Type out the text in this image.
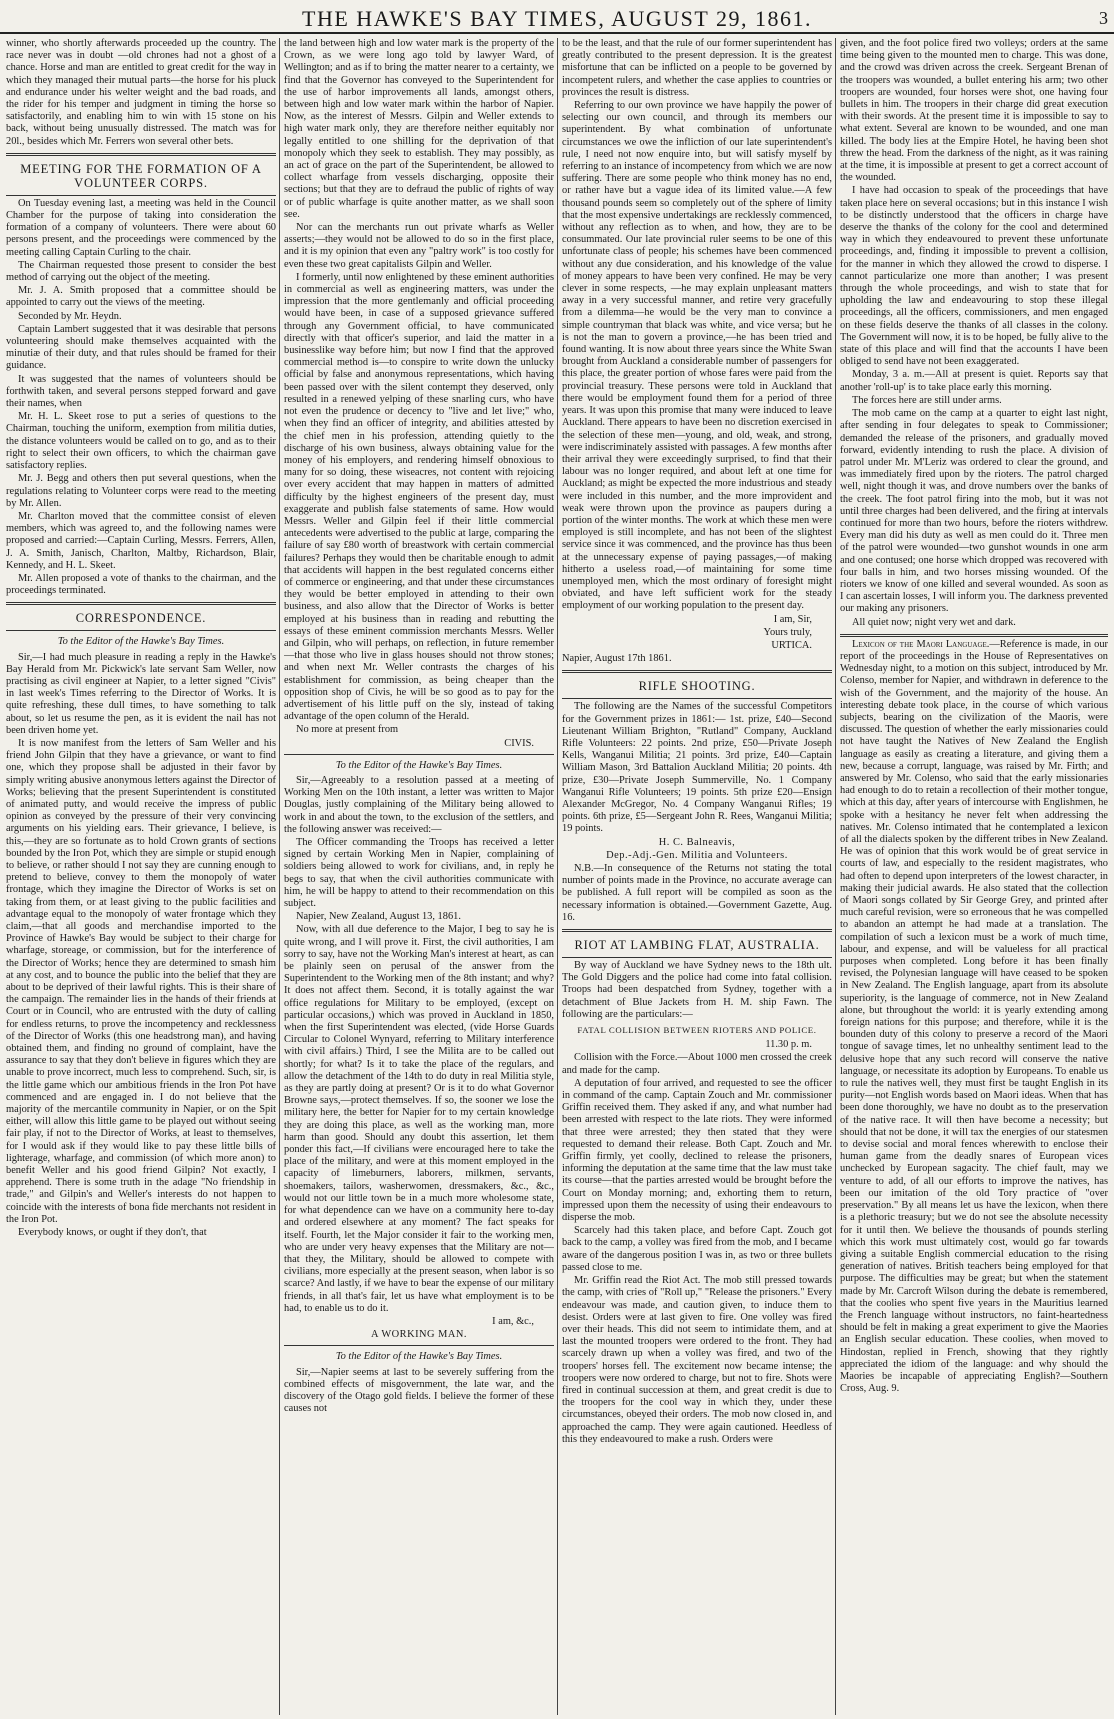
THE HAWKE'S BAY TIMES, AUGUST 29, 1861.	3

winner, who shortly afterwards proceeded up the country. The race never was in doubt —old chrones had not a ghost of a chance. Horse and man are entitled to great credit for the way in which they managed their mutual parts—the horse for his pluck and endurance under his welter weight and the bad roads, and the rider for his temper and judgment in timing the horse so satisfactorily, and enabling him to win with 15 stone on his back, without being unusually distressed. The match was for 20l., besides which Mr. Ferrers won several other bets.

MEETING FOR THE FORMATION OF A VOLUNTEER CORPS.

On Tuesday evening last, a meeting was held in the Council Chamber for the purpose of taking into consideration the formation of a company of volunteers. There were about 60 persons present, and the proceedings were commenced by the meeting calling Captain Curling to the chair.

The Chairman requested those present to consider the best method of carrying out the object of the meeting.

Mr. J. A. Smith proposed that a committee should be appointed to carry out the views of the meeting.

Seconded by Mr. Heydn.

Captain Lambert suggested that it was desirable that persons volunteering should make themselves acquainted with the minutiæ of their duty, and that rules should be framed for their guidance.

It was suggested that the names of volunteers should be forthwith taken, and several persons stepped forward and gave their names, when

Mr. H. L. Skeet rose to put a series of questions to the Chairman, touching the uniform, exemption from militia duties, the distance volunteers would be called on to go, and as to their right to select their own officers, to which the chairman gave satisfactory replies.

Mr. J. Begg and others then put several questions, when the regulations relating to Volunteer corps were read to the meeting by Mr. Allen.

Mr. Charlton moved that the committee consist of eleven members, which was agreed to, and the following names were proposed and carried:—Captain Curling, Messrs. Ferrers, Allen, J. A. Smith, Janisch, Charlton, Maltby, Richardson, Blair, Kennedy, and H. L. Skeet.

Mr. Allen proposed a vote of thanks to the chairman, and the proceedings terminated.

CORRESPONDENCE.
To the Editor of the Hawke's Bay Times.

Sir,—I had much pleasure in reading a reply in the Hawke's Bay Herald from Mr. Pickwick's late servant Sam Weller, now practising as civil engineer at Napier, to a letter signed "Civis" in last week's Times referring to the Director of Works. It is quite refreshing, these dull times, to have something to talk about, so let us resume the pen, as it is evident the nail has not been driven home yet.

It is now manifest from the letters of Sam Weller and his friend John Gilpin that they have a grievance, or want to find one, which they propose shall be adjusted in their favor by simply writing abusive anonymous letters against the Director of Works; believing that the present Superintendent is constituted of animated putty, and would receive the impress of public opinion as conveyed by the pressure of their very convincing arguments on his yielding ears. Their grievance, I believe, is this,—they are so fortunate as to hold Crown grants of sections bounded by the Iron Pot, which they are simple or stupid enough to believe, or rather should I not say they are cunning enough to pretend to believe, convey to them the monopoly of water frontage, which they imagine the Director of Works is set on taking from them, or at least giving to the public facilities and advantage equal to the monopoly of water frontage which they claim,—that all goods and merchandise imported to the Province of Hawke's Bay would be subject to their charge for wharfage, storeage, or commission, but for the interference of the Director of Works; hence they are determined to smash him at any cost, and to bounce the public into the belief that they are about to be deprived of their lawful rights. This is their share of the campaign. The remainder lies in the hands of their friends at Court or in Council, who are entrusted with the duty of calling for endless returns, to prove the incompetency and recklessness of the Director of Works (this one headstrong man), and having obtained them, and finding no ground of complaint, have the assurance to say that they don't believe in figures which they are unable to prove incorrect, much less to comprehend. Such, sir, is the little game which our ambitious friends in the Iron Pot have commenced and are engaged in. I do not believe that the majority of the mercantile community in Napier, or on the Spit either, will allow this little game to be played out without seeing fair play, if not to the Director of Works, at least to themselves, for I would ask if they would like to pay these little bills of lighterage, wharfage, and commission (of which more anon) to benefit Weller and his good friend Gilpin? Not exactly, I apprehend. There is some truth in the adage "No friendship in trade," and Gilpin's and Weller's interests do not happen to coincide with the interests of bona fide merchants not resident in the Iron Pot.

Everybody knows, or ought if they don't, that

the land between high and low water mark is the property of the Crown, as we were long ago told by lawyer Ward, of Wellington; and as if to bring the matter nearer to a certainty, we find that the Governor has conveyed to the Superintendent for the use of harbor improvements all lands, amongst others, between high and low water mark within the harbor of Napier. Now, as the interest of Messrs. Gilpin and Weller extends to high water mark only, they are therefore neither equitably nor legally entitled to one shilling for the deprivation of that monopoly which they seek to establish. They may possibly, as an act of grace on the part of the Superintendent, be allowed to collect wharfage from vessels discharging, opposite their sections; but that they are to defraud the public of rights of way or of public wharfage is quite another matter, as we shall soon see.

Nor can the merchants run out private wharfs as Weller asserts;—they would not be allowed to do so in the first place, and it is my opinion that even any "paltry work" is too costly for even these two great capitalists Gilpin and Weller.

I formerly, until now enlightened by these eminent authorities in commercial as well as engineering matters, was under the impression that the more gentlemanly and official proceeding would have been, in case of a supposed grievance suffered through any Government official, to have communicated directly with that officer's superior, and laid the matter in a businesslike way before him; but now I find that the approved commercial method is—to conspire to write down the unlucky official by false and anonymous representations, which having been passed over with the silent contempt they deserved, only resulted in a renewed yelping of these snarling curs, who have not even the prudence or decency to "live and let live;" who, when they find an officer of integrity, and abilities attested by the chief men in his profession, attending quietly to the discharge of his own business, always obtaining value for the money of his employers, and rendering himself obnoxious to many for so doing, these wiseacres, not content with rejoicing over every accident that may happen in matters of admitted difficulty by the highest engineers of the present day, must exaggerate and publish false statements of same. How would Messrs. Weller and Gilpin feel if their little commercial antecedents were advertised to the public at large, comparing the failure of say £80 worth of breastwork with certain commercial failures? Perhaps they would then be charitable enough to admit that accidents will happen in the best regulated concerns either of commerce or engineering, and that under these circumstances they would be better employed in attending to their own business, and also allow that the Director of Works is better employed at his business than in reading and rebutting the essays of these eminent commission merchants Messrs. Weller and Gilpin, who will perhaps, on reflection, in future remember—that those who live in glass houses should not throw stones; and when next Mr. Weller contrasts the charges of his establishment for commission, as being cheaper than the opposition shop of Civis, he will be so good as to pay for the advertisement of his little puff on the sly, instead of taking advantage of the open column of the Herald.

No more at present from

CIVIS.

To the Editor of the Hawke's Bay Times.

Sir,—Agreeably to a resolution passed at a meeting of Working Men on the 10th instant, a letter was written to Major Douglas, justly complaining of the Military being allowed to work in and about the town, to the exclusion of the settlers, and the following answer was received:—

The Officer commanding the Troops has received a letter signed by certain Working Men in Napier, complaining of soldiers being allowed to work for civilians, and, in reply he begs to say, that when the civil authorities communicate with him, he will be happy to attend to their recommendation on this subject.

Napier, New Zealand, August 13, 1861.

Now, with all due deference to the Major, I beg to say he is quite wrong, and I will prove it. First, the civil authorities, I am sorry to say, have not the Working Man's interest at heart, as can be plainly seen on perusal of the answer from the Superintendent to the Working men of the 8th instant; and why? It does not affect them. Second, it is totally against the war office regulations for Military to be employed, (except on particular occasions,) which was proved in Auckland in 1850, when the first Superintendent was elected, (vide Horse Guards Circular to Colonel Wynyard, referring to Military interference with civil affairs.) Third, I see the Milita are to be called out shortly; for what? Is it to take the place of the regulars, and allow the detachment of the 14th to do duty in real Militia style, as they are partly doing at present? Or is it to do what Governor Browne says,—protect themselves. If so, the sooner we lose the military here, the better for Napier for to my certain knowledge they are doing this place, as well as the working man, more harm than good. Should any doubt this assertion, let them ponder this fact,—If civilians were encouraged here to take the place of the military, and were at this moment employed in the capacity of limeburners, laborers, milkmen, servants, shoemakers, tailors, washerwomen, dressmakers, &c., &c., would not our little town be in a much more wholesome state, for what dependence can we have on a community here to-day and ordered elsewhere at any moment? The fact speaks for itself. Fourth, let the Major consider it fair to the working men, who are under very heavy expenses that the Military are not—that they, the Military, should be allowed to compete with civilians, more especially at the present season, when labor is so scarce? And lastly, if we have to bear the expense of our military friends, in all that's fair, let us have what employment is to be had, to enable us to do it.

I am, &c.,

A WORKING MAN.

To the Editor of the Hawke's Bay Times.

Sir,—Napier seems at last to be severely suffering from the combined effects of misgovernment, the late war, and the discovery of the Otago gold fields. I believe the former of these causes not

to be the least, and that the rule of our former superintendent has greatly contributed to the present depression. It is the greatest misfortune that can be inflicted on a people to be governed by incompetent rulers, and whether the case applies to countries or provinces the result is distress.

Referring to our own province we have happily the power of selecting our own council, and through its members our superintendent. By what combination of unfortunate circumstances we owe the infliction of our late superintendent's rule, I need not now enquire into, but will satisfy myself by referring to an instance of incompetency from which we are now suffering. There are some people who think money has no end, or rather have but a vague idea of its limited value.—A few thousand pounds seem so completely out of the sphere of limity that the most expensive undertakings are recklessly commenced, without any reflection as to when, and how, they are to be consummated. Our late provincial ruler seems to be one of this unfortunate class of people; his schemes have been commenced without any due consideration, and his knowledge of the value of money appears to have been very confined. He may be very clever in some respects, —he may explain unpleasant matters away in a very successful manner, and retire very gracefully from a dilemma—he would be the very man to convince a simple countryman that black was white, and vice versa; but he is not the man to govern a province,—he has been tried and found wanting. It is now about three years since the White Swan brought from Auckland a considerable number of passengers for this place, the greater portion of whose fares were paid from the provincial treasury. These persons were told in Auckland that there would be employment found them for a period of three years. It was upon this promise that many were induced to leave Auckland. There appears to have been no discretion exercised in the selection of these men—young, and old, weak, and strong, were indiscriminately assisted with passages. A few months after their arrival they were exceedingly surprised, to find that their labour was no longer required, and about left at one time for Auckland; as might be expected the more industrious and steady were included in this number, and the more improvident and weak were thrown upon the province as paupers during a portion of the winter months. The work at which these men were employed is still incomplete, and has not been of the slightest service since it was commenced, and the province has thus been at the unnecessary expense of paying passages,—of making hitherto a useless road,—of maintaining for some time unemployed men, which the most ordinary of foresight might obviated, and have left sufficient work for the steady employment of our working population to the present day.

I am, Sir,

Yours truly,

URTICA.

Napier, August 17th 1861.

RIFLE SHOOTING.

The following are the Names of the successful Competitors for the Government prizes in 1861:— 1st. prize, £40—Second Lieutenant William Brighton, "Rutland" Company, Auckland Rifle Volunteers: 22 points. 2nd prize, £50—Private Joseph Kells, Wanganui Militia; 21 points. 3rd prize, £40—Captain William Mason, 3rd Battalion Auckland Militia; 20 points. 4th prize, £30—Private Joseph Summerville, No. 1 Company Wanganui Rifle Volunteers; 19 points. 5th prize £20—Ensign Alexander McGregor, No. 4 Company Wanganui Rifles; 19 points. 6th prize, £5—Sergeant John R. Rees, Wanganui Militia; 19 points.

H. C. Balneavis,

Dep.-Adj.-Gen. Militia and Volunteers.

N.B.—In consequence of the Returns not stating the total number of points made in the Province, no accurate average can be published. A full report will be compiled as soon as the necessary information is obtained.—Government Gazette, Aug. 16.

RIOT AT LAMBING FLAT, AUSTRALIA.

By way of Auckland we have Sydney news to the 18th ult. The Gold Diggers and the police had come into fatal collision. Troops had been despatched from Sydney, together with a detachment of Blue Jackets from H. M. ship Fawn. The following are the particulars:—

FATAL COLLISION BETWEEN RIOTERS AND POLICE.

11.30 p. m.

Collision with the Force.—About 1000 men crossed the creek and made for the camp.

A deputation of four arrived, and requested to see the officer in command of the camp. Captain Zouch and Mr. commissioner Griffin received them. They asked if any, and what number had been arrested with respect to the late riots. They were informed that three were arrested; they then stated that they were requested to demand their release. Both Capt. Zouch and Mr. Griffin firmly, yet coolly, declined to release the prisoners, informing the deputation at the same time that the law must take its course—that the parties arrested would be brought before the Court on Monday morning; and, exhorting them to return, impressed upon them the necessity of using their endeavours to disperse the mob.

Scarcely had this taken place, and before Capt. Zouch got back to the camp, a volley was fired from the mob, and I became aware of the dangerous position I was in, as two or three bullets passed close to me.

Mr. Griffin read the Riot Act. The mob still pressed towards the camp, with cries of "Roll up," "Release the prisoners." Every endeavour was made, and caution given, to induce them to desist. Orders were at last given to fire. One volley was fired over their heads. This did not seem to intimidate them, and at last the mounted troopers were ordered to the front. They had scarcely drawn up when a volley was fired, and two of the troopers' horses fell. The excitement now became intense; the troopers were now ordered to charge, but not to fire. Shots were fired in continual succession at them, and great credit is due to the troopers for the cool way in which they, under these circumstances, obeyed their orders. The mob now closed in, and approached the camp. They were again cautioned. Heedless of this they endeavoured to make a rush. Orders were

given, and the foot police fired two volleys; orders at the same time being given to the mounted men to charge. This was done, and the crowd was driven across the creek. Sergeant Brenan of the troopers was wounded, a bullet entering his arm; two other troopers are wounded, four horses were shot, one having four bullets in him. The troopers in their charge did great execution with their swords. At the present time it is impossible to say to what extent. Several are known to be wounded, and one man killed. The body lies at the Empire Hotel, he having been shot threw the head. From the darkness of the night, as it was raining at the time, it is impossible at present to get a correct account of the wounded.

I have had occasion to speak of the proceedings that have taken place here on several occasions; but in this instance I wish to be distinctly understood that the officers in charge have deserve the thanks of the colony for the cool and determined way in which they endeavoured to prevent these unfortunate proceedings, and, finding it impossible to prevent a collision, for the manner in which they allowed the crowd to disperse. I cannot particularize one more than another; I was present through the whole proceedings, and wish to state that for upholding the law and endeavouring to stop these illegal proceedings, all the officers, commissioners, and men engaged on these fields deserve the thanks of all classes in the colony. The Government will now, it is to be hoped, be fully alive to the state of this place and will find that the accounts I have been obliged to send have not been exaggerated.

Monday, 3 a. m.—All at present is quiet. Reports say that another 'roll-up' is to take place early this morning.

The forces here are still under arms.

The mob came on the camp at a quarter to eight last night, after sending in four delegates to speak to Commissioner; demanded the release of the prisoners, and gradually moved forward, evidently intending to rush the place. A division of patrol under Mr. M'Leriz was ordered to clear the ground, and was immediately fired upon by the rioters. The patrol charged well, night though it was, and drove numbers over the banks of the creek. The foot patrol firing into the mob, but it was not until three charges had been delivered, and the firing at intervals continued for more than two hours, before the rioters withdrew. Every man did his duty as well as men could do it. Three men of the patrol were wounded—two gunshot wounds in one arm and one contused; one horse which dropped was recovered with four balls in him, and two horses missing wounded. Of the rioters we know of one killed and several wounded. As soon as I can ascertain losses, I will inform you. The darkness prevented our making any prisoners.

All quiet now; night very wet and dark.

Lexicon of the Maori Language.—Reference is made, in our report of the proceedings in the House of Representatives on Wednesday night, to a motion on this subject, introduced by Mr. Colenso, member for Napier, and withdrawn in deference to the wish of the Government, and the majority of the house. An interesting debate took place, in the course of which various subjects, bearing on the civilization of the Maoris, were discussed. The question of whether the early missionaries could not have taught the Natives of New Zealand the English language as easily as creating a literature, and giving them a new, because a corrupt, language, was raised by Mr. Firth; and answered by Mr. Colenso, who said that the early missionaries had enough to do to retain a recollection of their mother tongue, which at this day, after years of intercourse with Englishmen, he spoke with a hesitancy he never felt when addressing the natives. Mr. Colenso intimated that he contemplated a lexicon of all the dialects spoken by the different tribes in New Zealand. He was of opinion that this work would be of great service in courts of law, and especially to the resident magistrates, who had often to depend upon interpreters of the lowest character, in making their judicial awards. He also stated that the collection of Maori songs collated by Sir George Grey, and printed after much careful revision, were so erroneous that he was compelled to abandon an attempt he had made at a translation. The compilation of such a lexicon must be a work of much time, labour, and expense, and will be valueless for all practical purposes when completed. Long before it has been finally revised, the Polynesian language will have ceased to be spoken in New Zealand. The English language, apart from its absolute superiority, is the language of commerce, not in New Zealand alone, but throughout the world: it is yearly extending among foreign nations for this purpose; and therefore, while it is the bounden duty of this colony to preserve a record of the Maori tongue of savage times, let no unhealthy sentiment lead to the delusive hope that any such record will conserve the native language, or necessitate its adoption by Europeans. To enable us to rule the natives well, they must first be taught English in its purity—not English words based on Maori ideas. When that has been done thoroughly, we have no doubt as to the preservation of the native race. It will then have become a necessity; but should that not be done, it will tax the energies of our statesmen to devise social and moral fences wherewith to enclose their human game from the deadly snares of European vices unchecked by European sagacity. The chief fault, may we venture to add, of all our efforts to improve the natives, has been our imitation of the old Tory practice of "over preservation." By all means let us have the lexicon, when there is a plethoric treasury; but we do not see the absolute necessity for it until then. We believe the thousands of pounds sterling which this work must ultimately cost, would go far towards giving a suitable English commercial education to the rising generation of natives. British teachers being employed for that purpose. The difficulties may be great; but when the statement made by Mr. Carcroft Wilson during the debate is remembered, that the coolies who spent five years in the Mauritius learned the French language without instructors, no faint-heartedness should be felt in making a great experiment to give the Maories an English secular education. These coolies, when moved to Hindostan, replied in French, showing that they rightly appreciated the idiom of the language: and why should the Maories be incapable of appreciating English?—Southern Cross, Aug. 9.
